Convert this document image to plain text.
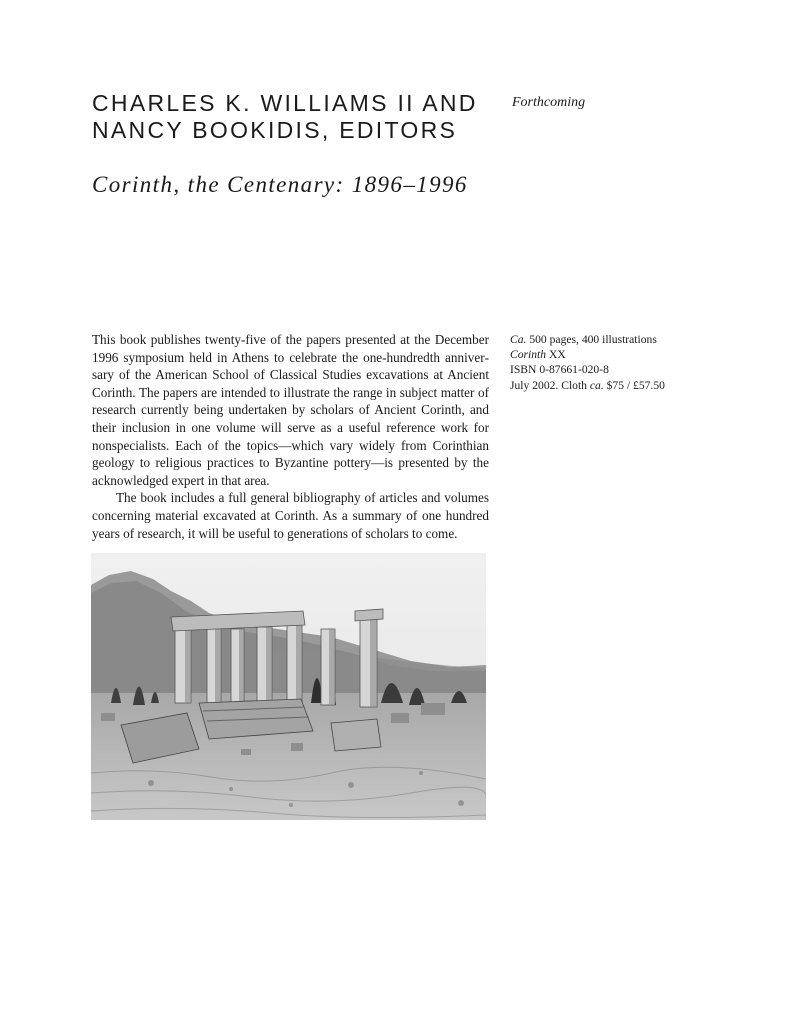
CHARLES K. WILLIAMS II AND
NANCY BOOKIDIS, EDITORS
Forthcoming
Corinth, the Centenary: 1896–1996

This book publishes twenty-five of the papers presented at the December 1996 symposium held in Athens to celebrate the one-hundredth anniversary of the American School of Classical Studies excavations at Ancient Corinth. The papers are intended to illustrate the range in subject matter of research currently being undertaken by scholars of Ancient Corinth, and their inclusion in one volume will serve as a useful reference work for nonspecialists. Each of the topics—which vary widely from Corinthian geology to religious practices to Byzantine pottery—is presented by the acknowledged expert in that area.

The book includes a full general bibliography of articles and volumes concerning material excavated at Corinth. As a summary of one hundred years of research, it will be useful to generations of scholars to come.

Ca. 500 pages, 400 illustrations
Corinth XX
ISBN 0-87661-020-8
July 2002. Cloth ca. $75 / £57.50
